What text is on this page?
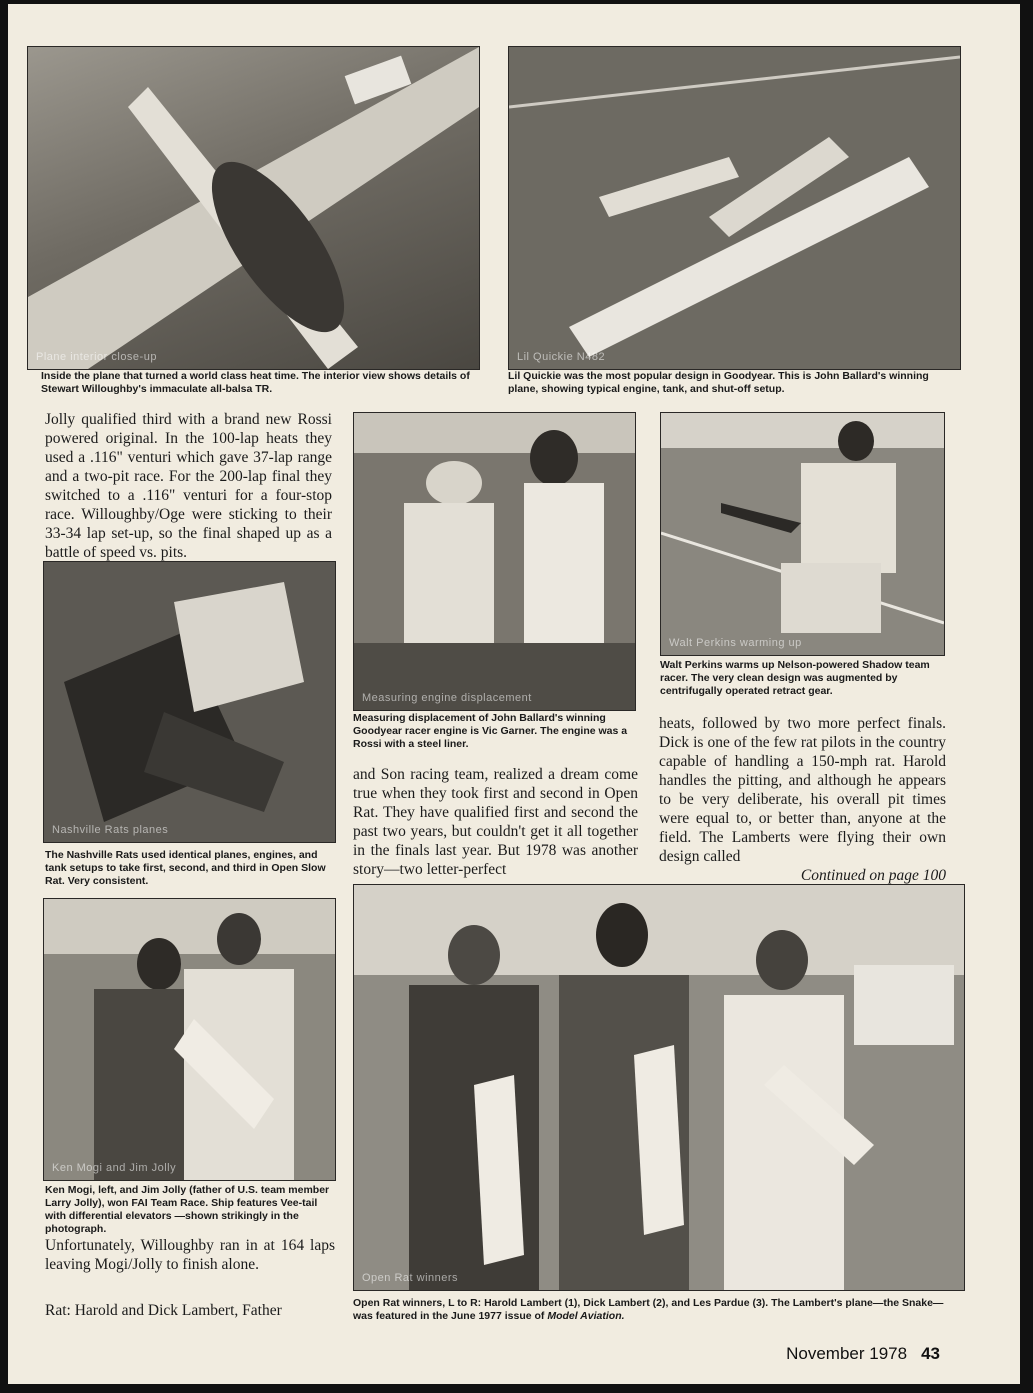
Plane interior close-up
Inside the plane that turned a world class heat time. The interior view shows details of Stewart Willoughby's immaculate all-balsa TR.
Lil Quickie N482
Lil Quickie was the most popular design in Goodyear. This is John Ballard's winning plane, showing typical engine, tank, and shut-off setup.
Jolly qualified third with a brand new Rossi powered original. In the 100-lap heats they used a .116" venturi which gave 37-lap range and a two-pit race. For the 200-lap final they switched to a .116" venturi for a four-stop race. Willoughby/Oge were sticking to their 33-34 lap set-up, so the final shaped up as a battle of speed vs. pits.
Nashville Rats planes
The Nashville Rats used identical planes, engines, and tank setups to take first, second, and third in Open Slow Rat. Very consistent.
Measuring engine displacement
Measuring displacement of John Ballard's winning Goodyear racer engine is Vic Garner. The engine was a Rossi with a steel liner.
and Son racing team, realized a dream come true when they took first and second in Open Rat. They have qualified first and second the past two years, but couldn't get it all together in the finals last year. But 1978 was another story—two letter-perfect
Walt Perkins warming up
Walt Perkins warms up Nelson-powered Shadow team racer. The very clean design was augmented by centrifugally operated retract gear.
heats, followed by two more perfect finals. Dick is one of the few rat pilots in the country capable of handling a 150-mph rat. Harold handles the pitting, and although he appears to be very deliberate, his overall pit times were equal to, or better than, anyone at the field. The Lamberts were flying their own design called
Continued on page 100
Ken Mogi and Jim Jolly
Ken Mogi, left, and Jim Jolly (father of U.S. team member Larry Jolly), won FAI Team Race. Ship features Vee-tail with differential elevators —shown strikingly in the photograph.
Unfortunately, Willoughby ran in at 164 laps leaving Mogi/Jolly to finish alone.
Rat: Harold and Dick Lambert, Father
Open Rat winners
Open Rat winners, L to R: Harold Lambert (1), Dick Lambert (2), and Les Pardue (3). The Lambert's plane—the Snake—was featured in the June 1977 issue of Model Aviation.
November 1978 43
